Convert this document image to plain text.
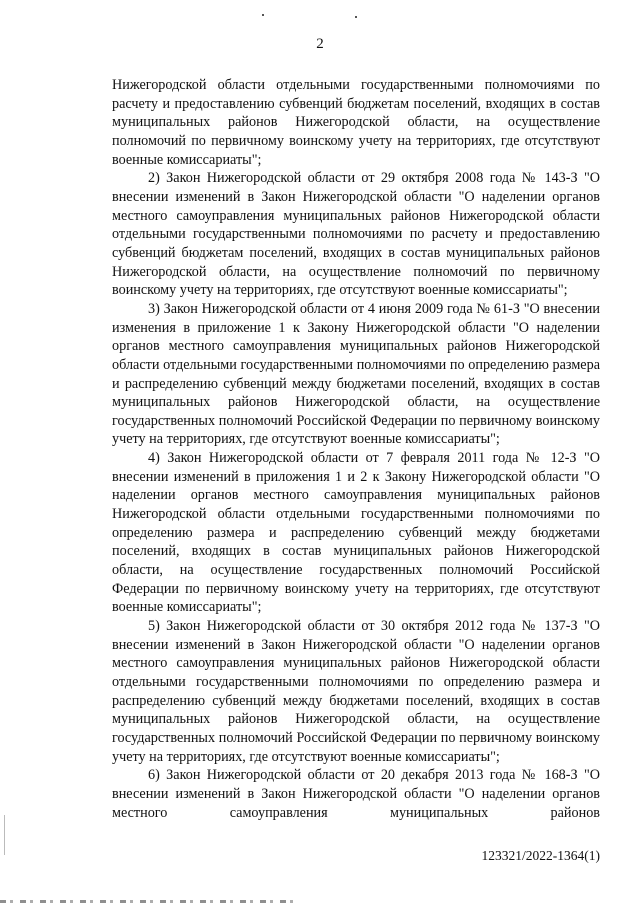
2

Нижегородской области отдельными государственными полномочиями по расчету и предоставлению субвенций бюджетам поселений, входящих в состав муниципальных районов Нижегородской области, на осуществление полномочий по первичному воинскому учету на территориях, где отсутствуют военные комиссариаты";

2) Закон Нижегородской области от 29 октября 2008 года № 143-З "О внесении изменений в Закон Нижегородской области "О наделении органов местного самоуправления муниципальных районов Нижегородской области отдельными государственными полномочиями по расчету и предоставлению субвенций бюджетам поселений, входящих в состав муниципальных районов Нижегородской области, на осуществление полномочий по первичному воинскому учету на территориях, где отсутствуют военные комиссариаты";

3) Закон Нижегородской области от 4 июня 2009 года № 61-З "О внесении изменения в приложение 1 к Закону Нижегородской области "О наделении органов местного самоуправления муниципальных районов Нижегородской области отдельными государственными полномочиями по определению размера и распределению субвенций между бюджетами поселений, входящих в состав муниципальных районов Нижегородской области, на осуществление государственных полномочий Российской Федерации по первичному воинскому учету на территориях, где отсутствуют военные комиссариаты";

4) Закон Нижегородской области от 7 февраля 2011 года № 12-З "О внесении изменений в приложения 1 и 2 к Закону Нижегородской области "О наделении органов местного самоуправления муниципальных районов Нижегородской области отдельными государственными полномочиями по определению размера и распределению субвенций между бюджетами поселений, входящих в состав муниципальных районов Нижегородской области, на осуществление государственных полномочий Российской Федерации по первичному воинскому учету на территориях, где отсутствуют военные комиссариаты";

5) Закон Нижегородской области от 30 октября 2012 года № 137-З "О внесении изменений в Закон Нижегородской области "О наделении органов местного самоуправления муниципальных районов Нижегородской области отдельными государственными полномочиями по определению размера и распределению субвенций между бюджетами поселений, входящих в состав муниципальных районов Нижегородской области, на осуществление государственных полномочий Российской Федерации по первичному воинскому учету на территориях, где отсутствуют военные комиссариаты";

6) Закон Нижегородской области от 20 декабря 2013 года № 168-З "О внесении изменений в Закон Нижегородской области "О наделении органов местного самоуправления муниципальных районов

123321/2022-1364(1)
